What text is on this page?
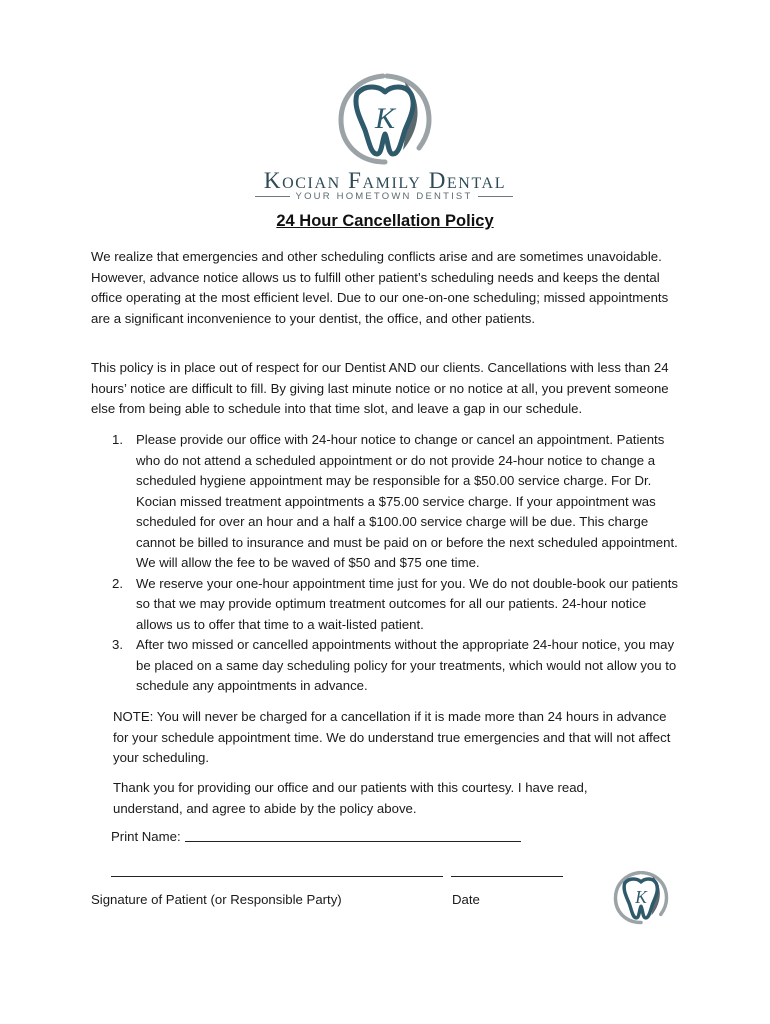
K
Kocian Family Dental
YOUR HOMETOWN DENTIST
24 Hour Cancellation Policy

We realize that emergencies and other scheduling conflicts arise and are sometimes unavoidable. However, advance notice allows us to fulfill other patient’s scheduling needs and keeps the dental office operating at the most efficient level. Due to our one-on-one scheduling; missed appointments are a significant inconvenience to your dentist, the office, and other patients.

This policy is in place out of respect for our Dentist AND our clients. Cancellations with less than 24 hours’ notice are difficult to fill. By giving last minute notice or no notice at all, you prevent someone else from being able to schedule into that time slot, and leave a gap in our schedule.

1. Please provide our office with 24-hour notice to change or cancel an appointment. Patients who do not attend a scheduled appointment or do not provide 24-hour notice to change a scheduled hygiene appointment may be responsible for a $50.00 service charge. For Dr. Kocian missed treatment appointments a $75.00 service charge. If your appointment was scheduled for over an hour and a half a $100.00 service charge will be due. This charge cannot be billed to insurance and must be paid on or before the next scheduled appointment. We will allow the fee to be waved of $50 and $75 one time.
2. We reserve your one-hour appointment time just for you. We do not double-book our patients so that we may provide optimum treatment outcomes for all our patients. 24-hour notice allows us to offer that time to a wait-listed patient.
3. After two missed or cancelled appointments without the appropriate 24-hour notice, you may be placed on a same day scheduling policy for your treatments, which would not allow you to schedule any appointments in advance.

NOTE: You will never be charged for a cancellation if it is made more than 24 hours in advance for your schedule appointment time. We do understand true emergencies and that will not affect your scheduling.

Thank you for providing our office and our patients with this courtesy. I have read, understand, and agree to abide by the policy above.

Print Name:
Signature of Patient (or Responsible Party)	Date	K
